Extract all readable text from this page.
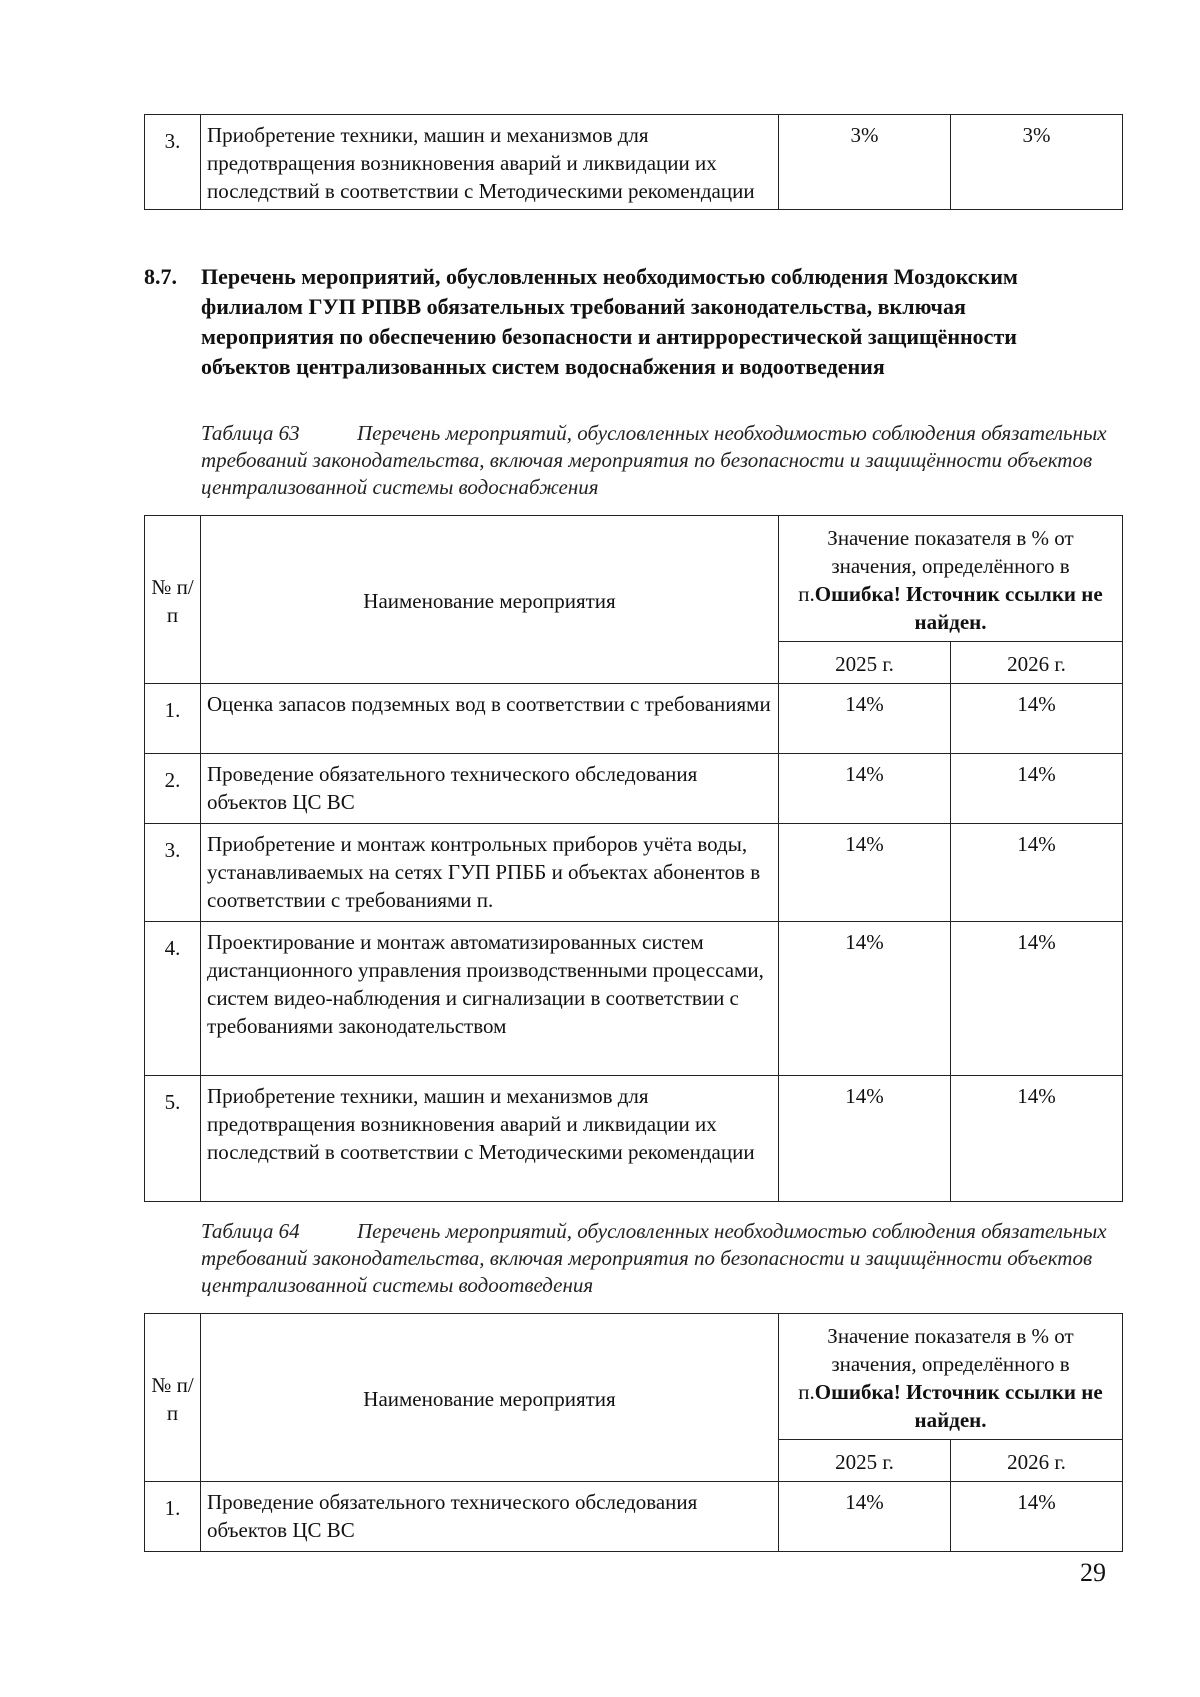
3.	Приобретение техники, машин и механизмов для предотвращения возникновения аварий и ликвидации их последствий в соответствии с Методическими рекомендации	3%	3%
8.7. Перечень мероприятий, обусловленных необходимостью соблюдения Моздокским филиалом ГУП РПВВ обязательных требований законодательства, включая мероприятия по обеспечению безопасности и антиррорестической защищённости объектов централизованных систем водоснабжения и водоотведения
Таблица 63	Перечень мероприятий, обусловленных необходимостью соблюдения обязательных требований законодательства, включая мероприятия по безопасности и защищённости объектов централизованной системы водоснабжения
№ п/п	Наименование мероприятия	Значение показателя в % от значения, определённого в п.Ошибка! Источник ссылки не найден.	
		2025 г.	2026 г.
1.	Оценка запасов подземных вод в соответствии с требованиями	14%	14%
2.	Проведение обязательного технического обследования объектов ЦС ВС	14%	14%
3.	Приобретение и монтаж контрольных приборов учёта воды, устанавливаемых на сетях ГУП РПББ и объектах абонентов в соответствии с требованиями п.	14%	14%
4.	Проектирование и монтаж автоматизированных систем дистанционного управления производственными процессами, систем видео-наблюдения и сигнализации в соответствии с требованиями законодательством	14%	14%
5.	Приобретение техники, машин и механизмов для предотвращения возникновения аварий и ликвидации их последствий в соответствии с Методическими рекомендации	14%	14%
Таблица 64	Перечень мероприятий, обусловленных необходимостью соблюдения обязательных требований законодательства, включая мероприятия по безопасности и защищённости объектов централизованной системы водоотведения
№ п/п	Наименование мероприятия	Значение показателя в % от значения, определённого в п.Ошибка! Источник ссылки не найден.	
		2025 г.	2026 г.
1.	Проведение обязательного технического обследования объектов ЦС ВС	14%	14%
29
